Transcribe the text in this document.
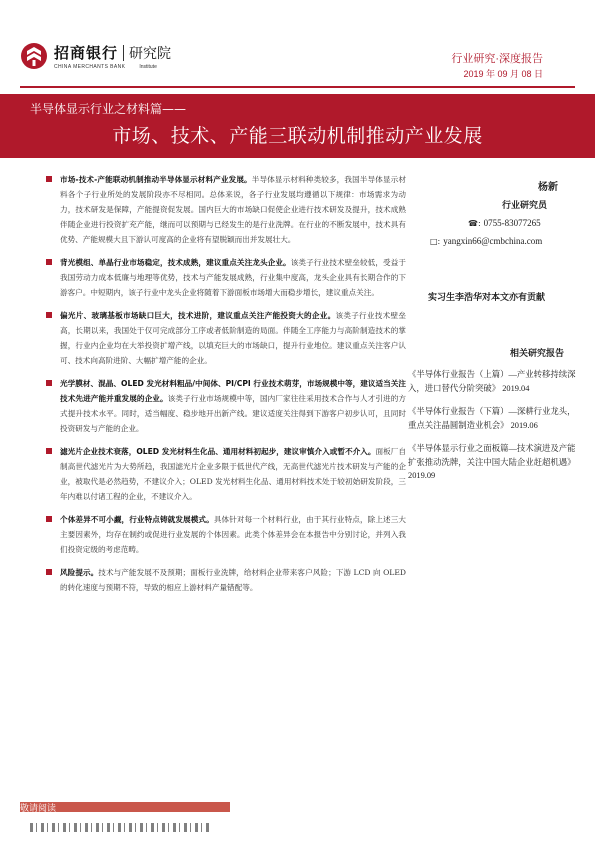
招商银行 研究院
CHINA MERCHANTS BANK	Institute
行业研究·深度报告
2019 年 09 月 08 日
半导体显示行业之材料篇——
市场、技术、产能三联动机制推动产业发展
市场-技术-产能联动机制推动半导体显示材料产业发展。半导体显示材料种类较多，我国半导体显示材料各个子行业所处的发展阶段亦不尽相同。总体来说，各子行业发展均遵循以下规律：市场需求为动力，技术研发是保障，产能提资促发展。国内巨大的市场缺口促使企业进行技术研发及提升，技术成熟伴随企业进行投资扩充产能，继而可以预期与已经发生的是行业洗牌。在行业的不断发展中，技术具有优势、产能规模大且下游认可度高的企业将有望脱颖而出并发展壮大。
背光模组、单晶行业市场稳定，技术成熟，建议重点关注龙头企业。该类子行业技术壁垒较低，受益于我国劳动力成本低廉与地理等优势，技术与产能发展成熟，行业集中度高，龙头企业具有长期合作的下游客户。中短期内，该子行业中龙头企业将随着下游面板市场增大而稳步增长，建议重点关注。
偏光片、玻璃基板市场缺口巨大，技术进阶，建议重点关注产能投资大的企业。该类子行业技术壁垒高，长期以来，我国处于仅可完成部分工序或者低阶制造的局面。伴随全工序能力与高阶制造技术的掌握，行业内企业均在大举投资扩增产线，以填充巨大的市场缺口，提升行业地位。建议重点关注客户认可、技术向高阶进阶、大幅扩增产能的企业。
光学膜材、混晶、OLED 发光材料粗品/中间体、PI/CPI 行业技术萌芽，市场规模中等，建议适当关注技术先进产能并重发展的企业。该类子行业市场规模中等，国内厂家往往采用技术合作与人才引进的方式提升技术水平。同时，适当幅度、稳步地开出新产线。建议适度关注得到下游客户初步认可，且同时投资研发与产能的企业。
滤光片企业技术衰落，OLED 发光材料生化品、通用材料初起步，建议审慎介入或暂不介入。面板厂自制高世代滤光片为大势所趋，我国滤光片企业多限于低世代产线，无高世代滤光片技术研发与产能的企业，被取代是必然趋势，不建议介入；OLED 发光材料生化品、通用材料技术处于较初始研发阶段，三年内难以付诸工程的企业，不建议介入。
个体差异不可小觑，行业特点铸就发展模式。具体针对每一个材料行业，由于其行业特点，除上述三大主要因素外，均存在制约或促进行业发展的个体因素。此类个体差异会在本报告中分别讨论，并列入我们投资定级的考虑范畴。
风险提示。技术与产能发展不及预期；面板行业洗牌，给材料企业带来客户风险；下游 LCD 向 OLED 的转化速度与预期不符，导致的相应上游材料产量错配等。
杨新
行业研究员
☎: 0755-83077265
□: yangxin66@cmbchina.com
实习生李浩华对本文亦有贡献
相关研究报告
《半导体行业报告（上篇）—产业转移持续深入，进口替代分阶突破》 2019.04
《半导体行业报告（下篇）—深耕行业龙头，重点关注晶圆制造业机会》 2019.06
《半导体显示行业之面板篇—技术演进及产能扩张推动洗牌，关注中国大陆企业赶超机遇》 2019.09
敬请阅读
